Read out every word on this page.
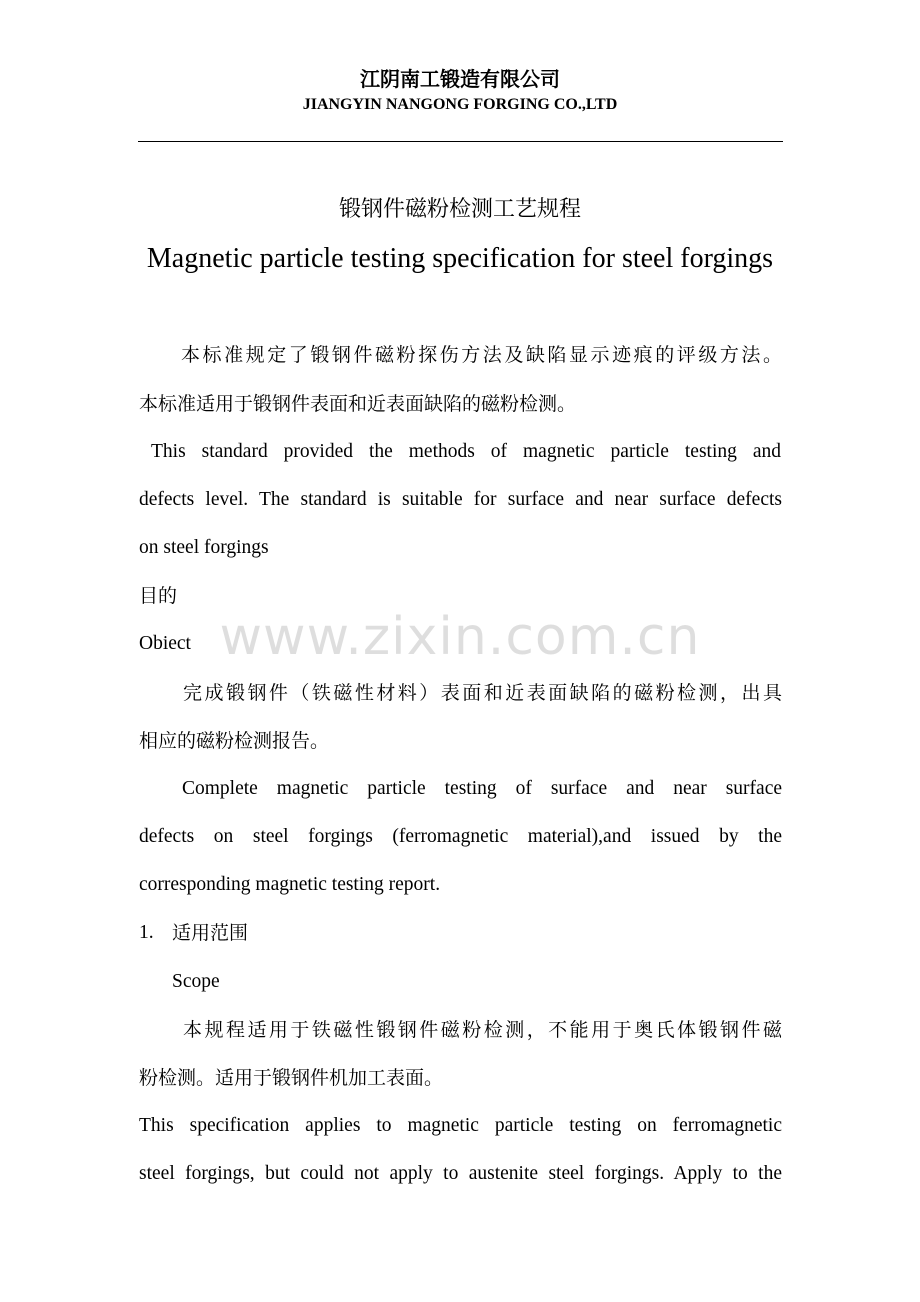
江阴南工锻造有限公司
JIANGYIN NANGONG FORGING CO.,LTD
锻钢件磁粉检测工艺规程
Magnetic particle testing specification for steel forgings
本标准规定了锻钢件磁粉探伤方法及缺陷显示迹痕的评级方法。
本标准适用于锻钢件表面和近表面缺陷的磁粉检测。
This standard provided the methods of magnetic particle testing and
defects level. The standard is suitable for surface and near surface defects
on steel forgings
目的
Obiect
完成锻钢件（铁磁性材料）表面和近表面缺陷的磁粉检测，出具
相应的磁粉检测报告。
Complete magnetic particle testing of surface and near surface
defects on steel forgings (ferromagnetic material),and issued by the
corresponding magnetic testing report.
1. 适用范围
Scope
本规程适用于铁磁性锻钢件磁粉检测，不能用于奥氏体锻钢件磁
粉检测。适用于锻钢件机加工表面。
This specification applies to magnetic particle testing on ferromagnetic
steel forgings, but could not apply to austenite steel forgings. Apply to the
www.zixin.com.cn
